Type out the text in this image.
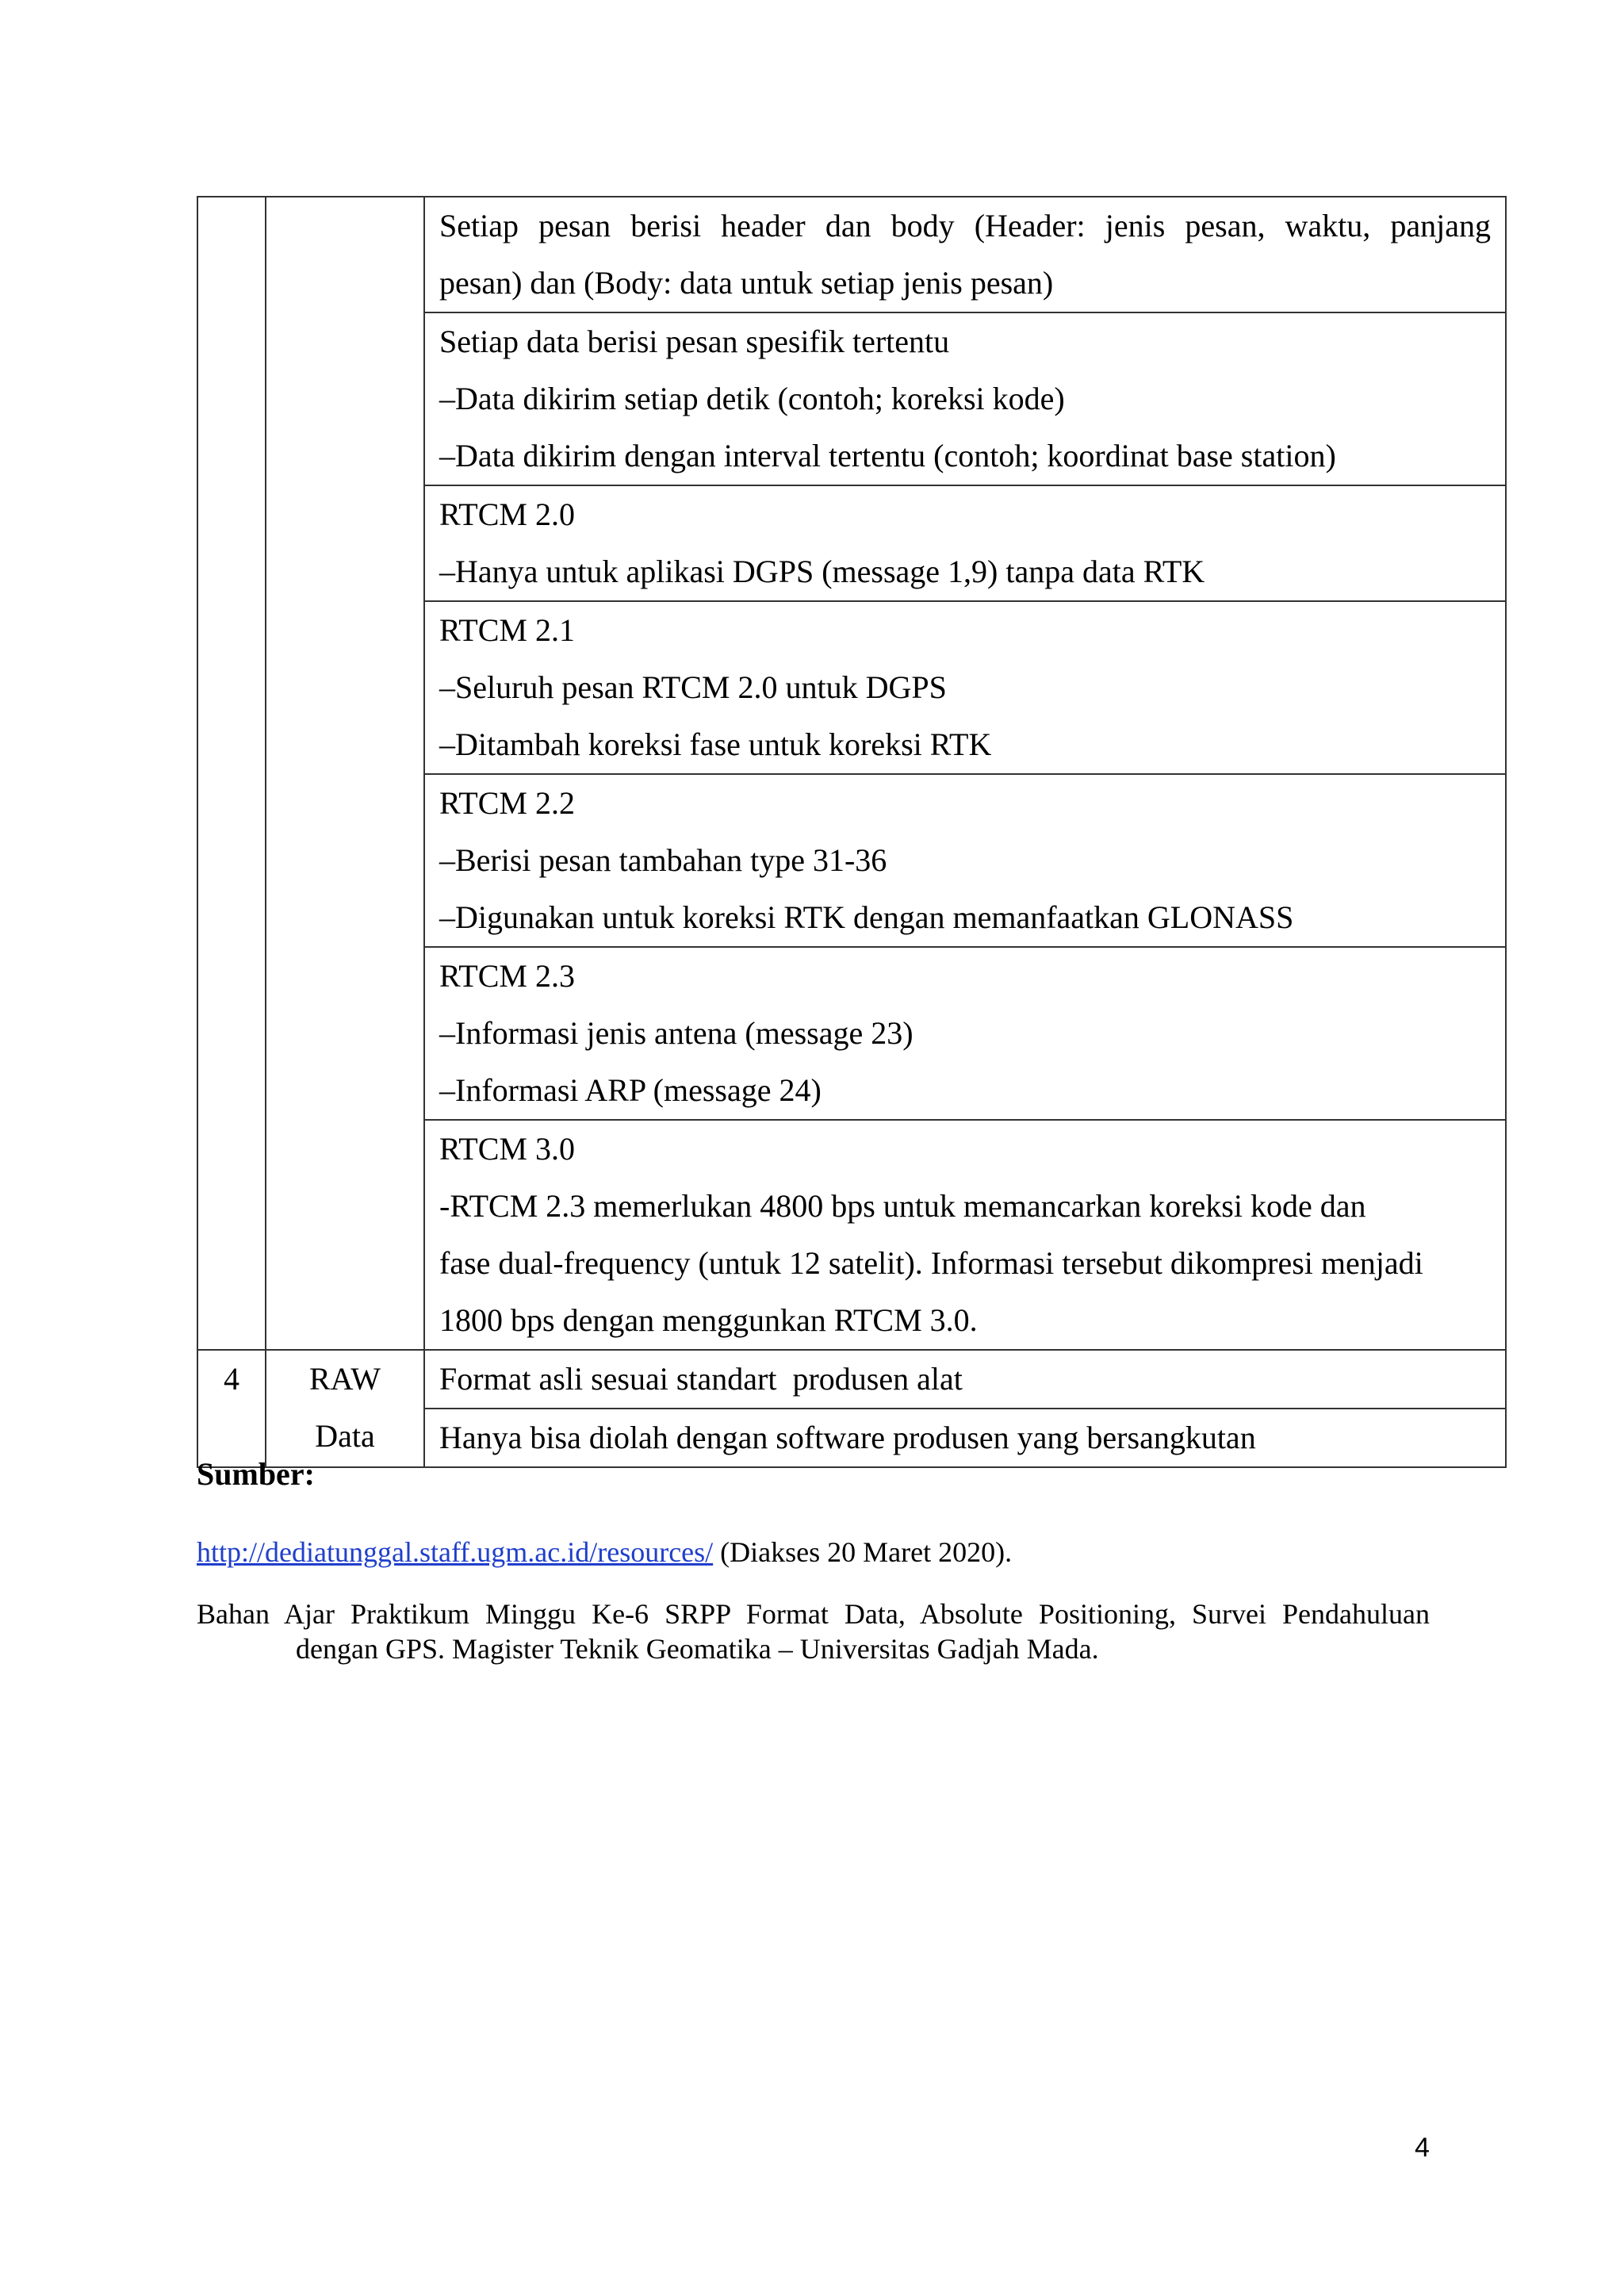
		Setiap pesan berisi header dan body (Header: jenis pesan, waktu, panjang
pesan) dan (Body: data untuk setiap jenis pesan)

		Setiap data berisi pesan spesifik tertentu
–Data dikirim setiap detik (contoh; koreksi kode)
–Data dikirim dengan interval tertentu (contoh; koordinat base station)

		RTCM 2.0
–Hanya untuk aplikasi DGPS (message 1,9) tanpa data RTK

		RTCM 2.1
–Seluruh pesan RTCM 2.0 untuk DGPS
–Ditambah koreksi fase untuk koreksi RTK

		RTCM 2.2
–Berisi pesan tambahan type 31-36
–Digunakan untuk koreksi RTK dengan memanfaatkan GLONASS

		RTCM 2.3
–Informasi jenis antena (message 23)
–Informasi ARP (message 24)

		RTCM 3.0
-RTCM 2.3 memerlukan 4800 bps untuk memancarkan koreksi kode dan
fase dual-frequency (untuk 12 satelit). Informasi tersebut dikompresi menjadi
1800 bps dengan menggunkan RTCM 3.0.

4	RAW
Data	Format asli sesuai standart  produsen alat

		Hanya bisa diolah dengan software produsen yang bersangkutan
Sumber:
http://dediatunggal.staff.ugm.ac.id/resources/ (Diakses 20 Maret 2020).
Bahan Ajar Praktikum Minggu Ke-6 SRPP Format Data, Absolute Positioning, Survei Pendahuluan
dengan GPS. Magister Teknik Geomatika – Universitas Gadjah Mada.
4
